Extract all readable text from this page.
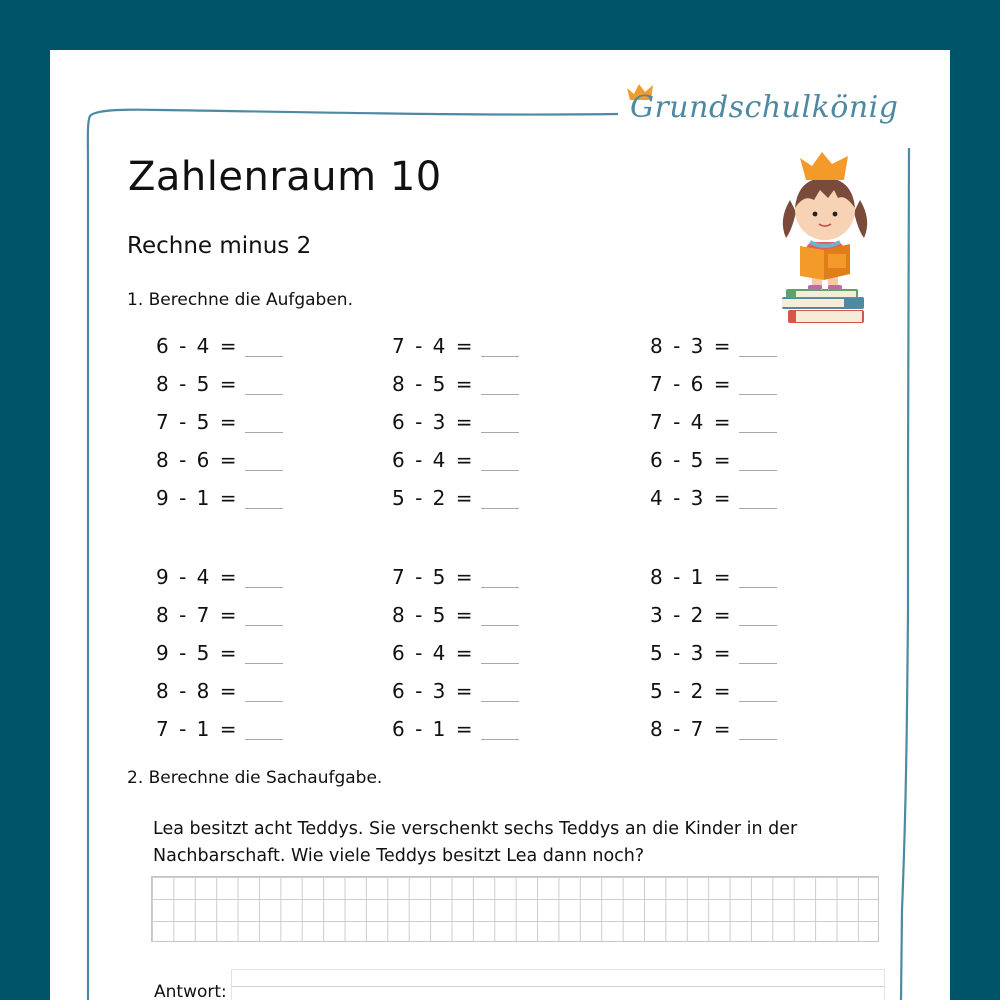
Grundschulkönig
Zahlenraum 10
Rechne minus 2

1. Berechne die Aufgaben.

6 - 4 =
8 - 5 =
7 - 5 =
8 - 6 =
9 - 1 =
7 - 4 =
8 - 5 =
6 - 3 =
6 - 4 =
5 - 2 =
8 - 3 =
7 - 6 =
7 - 4 =
6 - 5 =
4 - 3 =
9 - 4 =
8 - 7 =
9 - 5 =
8 - 8 =
7 - 1 =
7 - 5 =
8 - 5 =
6 - 4 =
6 - 3 =
6 - 1 =
8 - 1 =
3 - 2 =
5 - 3 =
5 - 2 =
8 - 7 =

2. Berechne die Sachaufgabe.

Lea besitzt acht Teddys. Sie verschenkt sechs Teddys an die Kinder in der
Nachbarschaft. Wie viele Teddys besitzt Lea dann noch?

Antwort:
